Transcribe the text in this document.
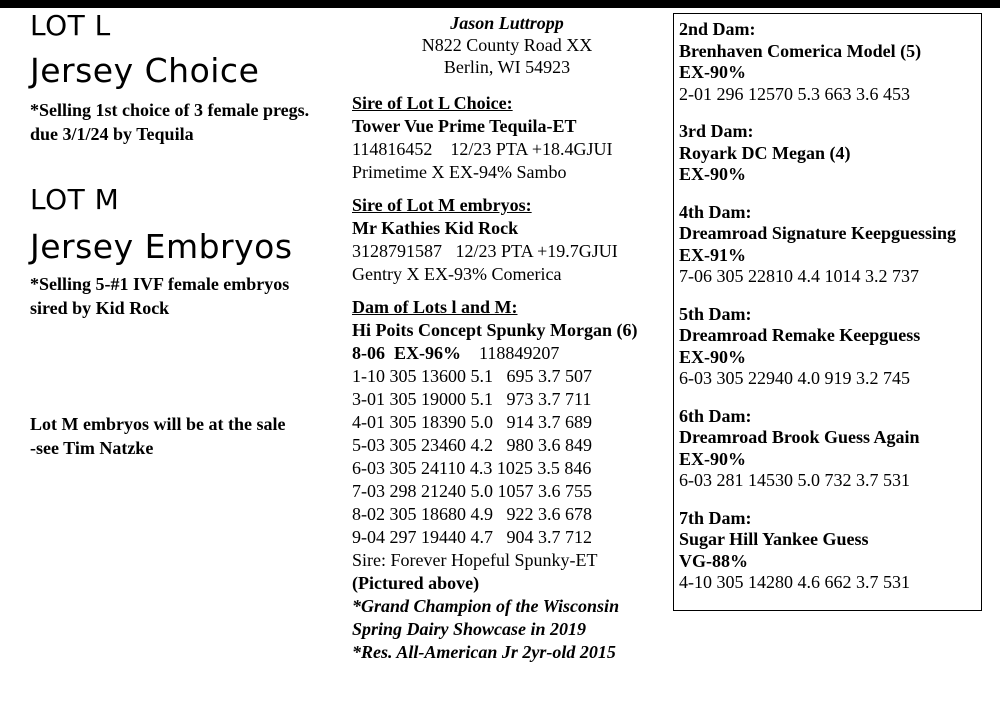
LOT L
Jersey Choice

*Selling 1st choice of 3 female pregs.
due 3/1/24 by Tequila

LOT M
Jersey Embryos

*Selling 5-#1 IVF female embryos
sired by Kid Rock

Lot M embryos will be at the sale
-see Tim Natzke

Jason Luttropp
N822 County Road XX
Berlin, WI 54923
Sire of Lot L Choice:
Tower Vue Prime Tequila-ET
114816452    12/23 PTA +18.4GJUI
Primetime X EX-94% Sambo
Sire of Lot M embryos:
Mr Kathies Kid Rock
3128791587   12/23 PTA +19.7GJUI
Gentry X EX-93% Comerica
Dam of Lots l and M:
Hi Poits Concept Spunky Morgan (6)
8-06  EX-96% 118849207
1-10 305 13600 5.1   695 3.7 507
3-01 305 19000 5.1   973 3.7 711
4-01 305 18390 5.0   914 3.7 689
5-03 305 23460 4.2   980 3.6 849
6-03 305 24110 4.3 1025 3.5 846
7-03 298 21240 5.0 1057 3.6 755
8-02 305 18680 4.9   922 3.6 678
9-04 297 19440 4.7   904 3.7 712
Sire: Forever Hopeful Spunky-ET
(Pictured above)
*Grand Champion of the Wisconsin
Spring Dairy Showcase in 2019
*Res. All-American Jr 2yr-old 2015
2nd Dam:
Brenhaven Comerica Model (5)
EX-90%
2-01 296 12570 5.3 663 3.6 453
3rd Dam:
Royark DC Megan (4)
EX-90%
4th Dam:
Dreamroad Signature Keepguessing
EX-91%
7-06 305 22810 4.4 1014 3.2 737
5th Dam:
Dreamroad Remake Keepguess
EX-90%
6-03 305 22940 4.0 919 3.2 745
6th Dam:
Dreamroad Brook Guess Again
EX-90%
6-03 281 14530 5.0 732 3.7 531
7th Dam:
Sugar Hill Yankee Guess
VG-88%
4-10 305 14280 4.6 662 3.7 531
